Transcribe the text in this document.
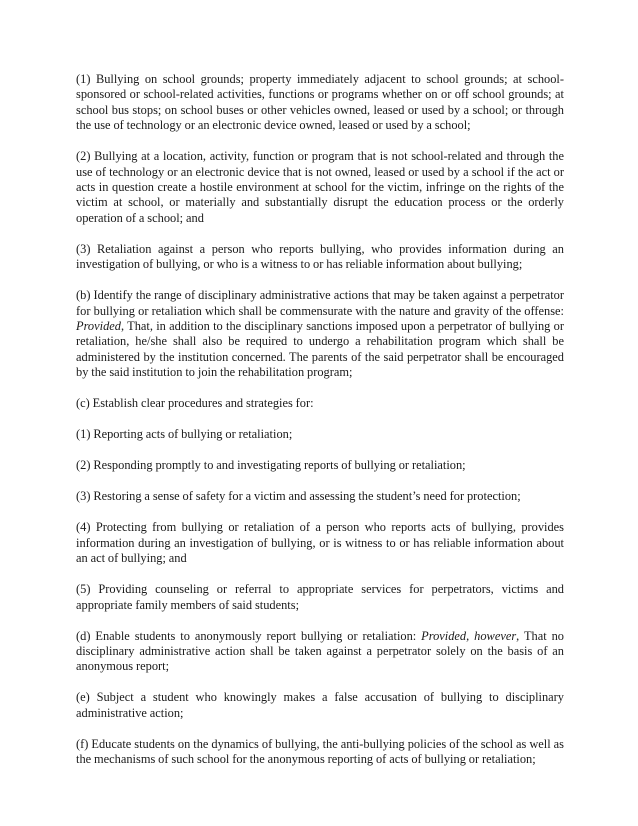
(1) Bullying on school grounds; property immediately adjacent to school grounds; at school-sponsored or school-related activities, functions or programs whether on or off school grounds; at school bus stops; on school buses or other vehicles owned, leased or used by a school; or through the use of technology or an electronic device owned, leased or used by a school;

(2) Bullying at a location, activity, function or program that is not school-related and through the use of technology or an electronic device that is not owned, leased or used by a school if the act or acts in question create a hostile environment at school for the victim, infringe on the rights of the victim at school, or materially and substantially disrupt the education process or the orderly operation of a school; and

(3) Retaliation against a person who reports bullying, who provides information during an investigation of bullying, or who is a witness to or has reliable information about bullying;

(b) Identify the range of disciplinary administrative actions that may be taken against a perpetrator for bullying or retaliation which shall be commensurate with the nature and gravity of the offense: Provided, That, in addition to the disciplinary sanctions imposed upon a perpetrator of bullying or retaliation, he/she shall also be required to undergo a rehabilitation program which shall be administered by the institution concerned. The parents of the said perpetrator shall be encouraged by the said institution to join the rehabilitation program;

(c) Establish clear procedures and strategies for:

(1) Reporting acts of bullying or retaliation;

(2) Responding promptly to and investigating reports of bullying or retaliation;

(3) Restoring a sense of safety for a victim and assessing the student’s need for protection;

(4) Protecting from bullying or retaliation of a person who reports acts of bullying, provides information during an investigation of bullying, or is witness to or has reliable information about an act of bullying; and

(5) Providing counseling or referral to appropriate services for perpetrators, victims and appropriate family members of said students;

(d) Enable students to anonymously report bullying or retaliation: Provided, however, That no disciplinary administrative action shall be taken against a perpetrator solely on the basis of an anonymous report;

(e) Subject a student who knowingly makes a false accusation of bullying to disciplinary administrative action;

(f) Educate students on the dynamics of bullying, the anti-bullying policies of the school as well as the mechanisms of such school for the anonymous reporting of acts of bullying or retaliation;
